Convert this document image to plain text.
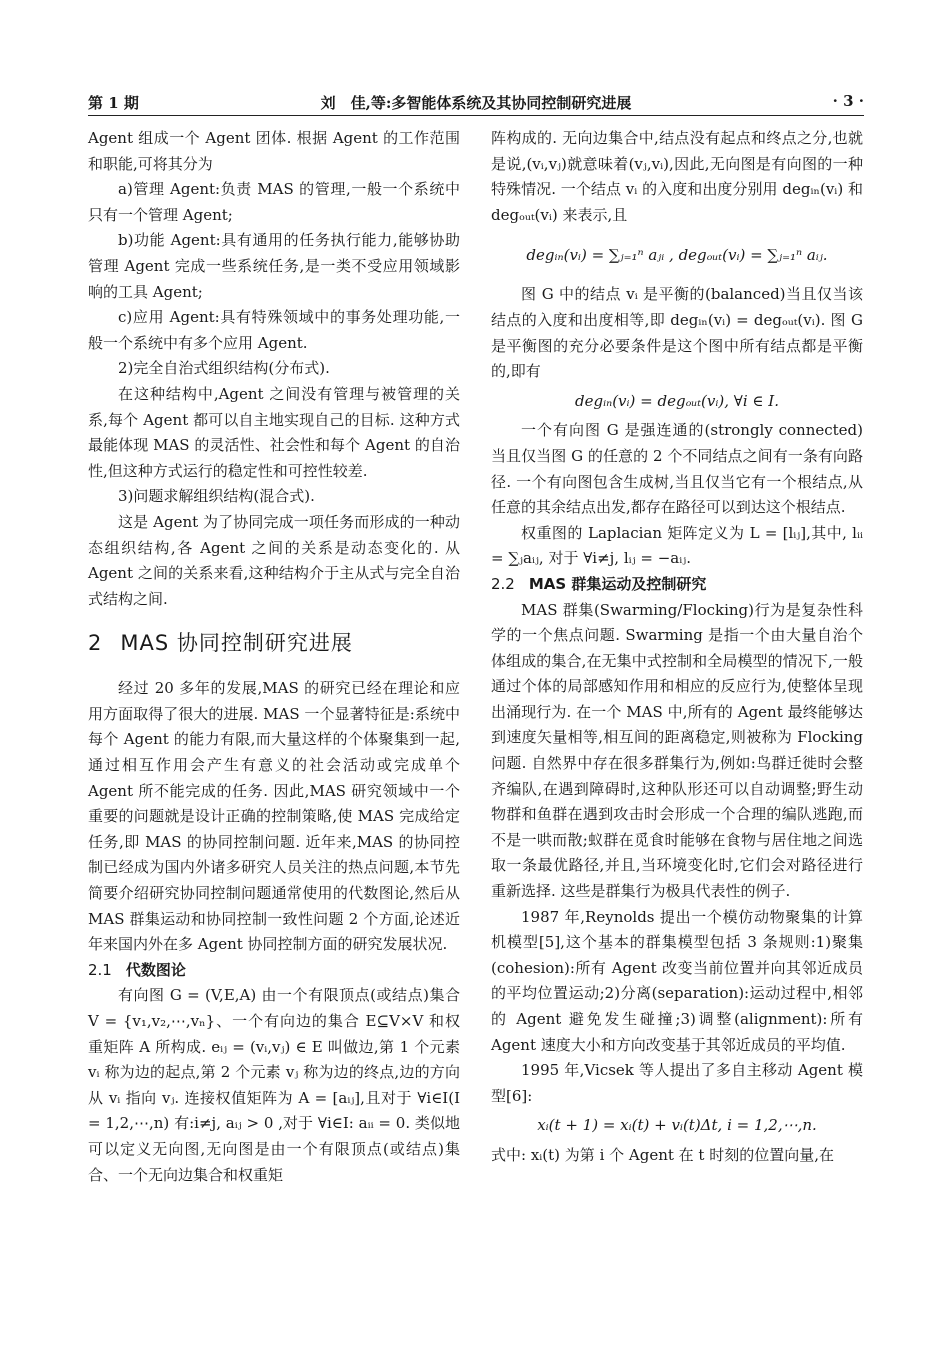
第 1 期	刘　佳,等:多智能体系统及其协同控制研究进展	· 3 ·

Agent 组成一个 Agent 团体. 根据 Agent 的工作范围和职能,可将其分为

a)管理 Agent:负责 MAS 的管理,一般一个系统中只有一个管理 Agent;

b)功能 Agent:具有通用的任务执行能力,能够协助管理 Agent 完成一些系统任务,是一类不受应用领域影响的工具 Agent;

c)应用 Agent:具有特殊领域中的事务处理功能,一般一个系统中有多个应用 Agent.

2)完全自治式组织结构(分布式).

在这种结构中,Agent 之间没有管理与被管理的关系,每个 Agent 都可以自主地实现自己的目标. 这种方式最能体现 MAS 的灵活性、社会性和每个 Agent 的自治性,但这种方式运行的稳定性和可控性较差.

3)问题求解组织结构(混合式).

这是 Agent 为了协同完成一项任务而形成的一种动态组织结构,各 Agent 之间的关系是动态变化的. 从 Agent 之间的关系来看,这种结构介于主从式与完全自治式结构之间.

2 MAS 协同控制研究进展

经过 20 多年的发展,MAS 的研究已经在理论和应用方面取得了很大的进展. MAS 一个显著特征是:系统中每个 Agent 的能力有限,而大量这样的个体聚集到一起,通过相互作用会产生有意义的社会活动或完成单个 Agent 所不能完成的任务. 因此,MAS 研究领域中一个重要的问题就是设计正确的控制策略,使 MAS 完成给定任务,即 MAS 的协同控制问题. 近年来,MAS 的协同控制已经成为国内外诸多研究人员关注的热点问题,本节先简要介绍研究协同控制问题通常使用的代数图论,然后从 MAS 群集运动和协同控制一致性问题 2 个方面,论述近年来国内外在多 Agent 协同控制方面的研究发展状况.

2.1 代数图论

有向图 G = (V,E,A) 由一个有限顶点(或结点)集合 V = {v₁,v₂,⋯,vₙ}、一个有向边的集合 E⊆V×V 和权重矩阵 A 所构成. eᵢⱼ = (vᵢ,vⱼ) ∈ E 叫做边,第 1 个元素 vᵢ 称为边的起点,第 2 个元素 vⱼ 称为边的终点,边的方向从 vᵢ 指向 vⱼ. 连接权值矩阵为 A = [aᵢⱼ],且对于 ∀i∈I(I = 1,2,⋯,n) 有:i≠j, aᵢⱼ > 0 ,对于 ∀i∈I: aᵢᵢ = 0. 类似地可以定义无向图,无向图是由一个有限顶点(或结点)集合、一个无向边集合和权重矩

阵构成的. 无向边集合中,结点没有起点和终点之分,也就是说,(vᵢ,vⱼ)就意味着(vⱼ,vᵢ),因此,无向图是有向图的一种特殊情况. 一个结点 vᵢ 的入度和出度分别用 degᵢₙ(vᵢ) 和 degₒᵤₜ(vᵢ) 来表示,且

degᵢₙ(vᵢ) = ∑ⱼ₌₁ⁿ aⱼᵢ , degₒᵤₜ(vᵢ) = ∑ⱼ₌₁ⁿ aᵢⱼ.

图 G 中的结点 vᵢ 是平衡的(balanced)当且仅当该结点的入度和出度相等,即 degᵢₙ(vᵢ) = degₒᵤₜ(vᵢ). 图 G 是平衡图的充分必要条件是这个图中所有结点都是平衡的,即有

degᵢₙ(vᵢ) = degₒᵤₜ(vᵢ), ∀i ∈ I.

一个有向图 G 是强连通的(strongly connected)当且仅当图 G 的任意的 2 个不同结点之间有一条有向路径. 一个有向图包含生成树,当且仅当它有一个根结点,从任意的其余结点出发,都存在路径可以到达这个根结点.

权重图的 Laplacian 矩阵定义为 L = [lᵢⱼ],其中, lᵢᵢ = ∑ⱼaᵢⱼ, 对于 ∀i≠j, lᵢⱼ = −aᵢⱼ.

2.2 MAS 群集运动及控制研究

MAS 群集(Swarming/Flocking)行为是复杂性科学的一个焦点问题. Swarming 是指一个由大量自治个体组成的集合,在无集中式控制和全局模型的情况下,一般通过个体的局部感知作用和相应的反应行为,使整体呈现出涌现行为. 在一个 MAS 中,所有的 Agent 最终能够达到速度矢量相等,相互间的距离稳定,则被称为 Flocking 问题. 自然界中存在很多群集行为,例如:鸟群迁徙时会整齐编队,在遇到障碍时,这种队形还可以自动调整;野生动物群和鱼群在遇到攻击时会形成一个合理的编队逃跑,而不是一哄而散;蚁群在觅食时能够在食物与居住地之间选取一条最优路径,并且,当环境变化时,它们会对路径进行重新选择. 这些是群集行为极具代表性的例子.

1987 年,Reynolds 提出一个模仿动物聚集的计算机模型[5],这个基本的群集模型包括 3 条规则:1)聚集(cohesion):所有 Agent 改变当前位置并向其邻近成员的平均位置运动;2)分离(separation):运动过程中,相邻的 Agent 避免发生碰撞;3)调整(alignment):所有 Agent 速度大小和方向改变基于其邻近成员的平均值.

1995 年,Vicsek 等人提出了多自主移动 Agent 模型[6]:

xᵢ(t + 1) = xᵢ(t) + vᵢ(t)Δt, i = 1,2,⋯,n.

式中: xᵢ(t) 为第 i 个 Agent 在 t 时刻的位置向量,在
